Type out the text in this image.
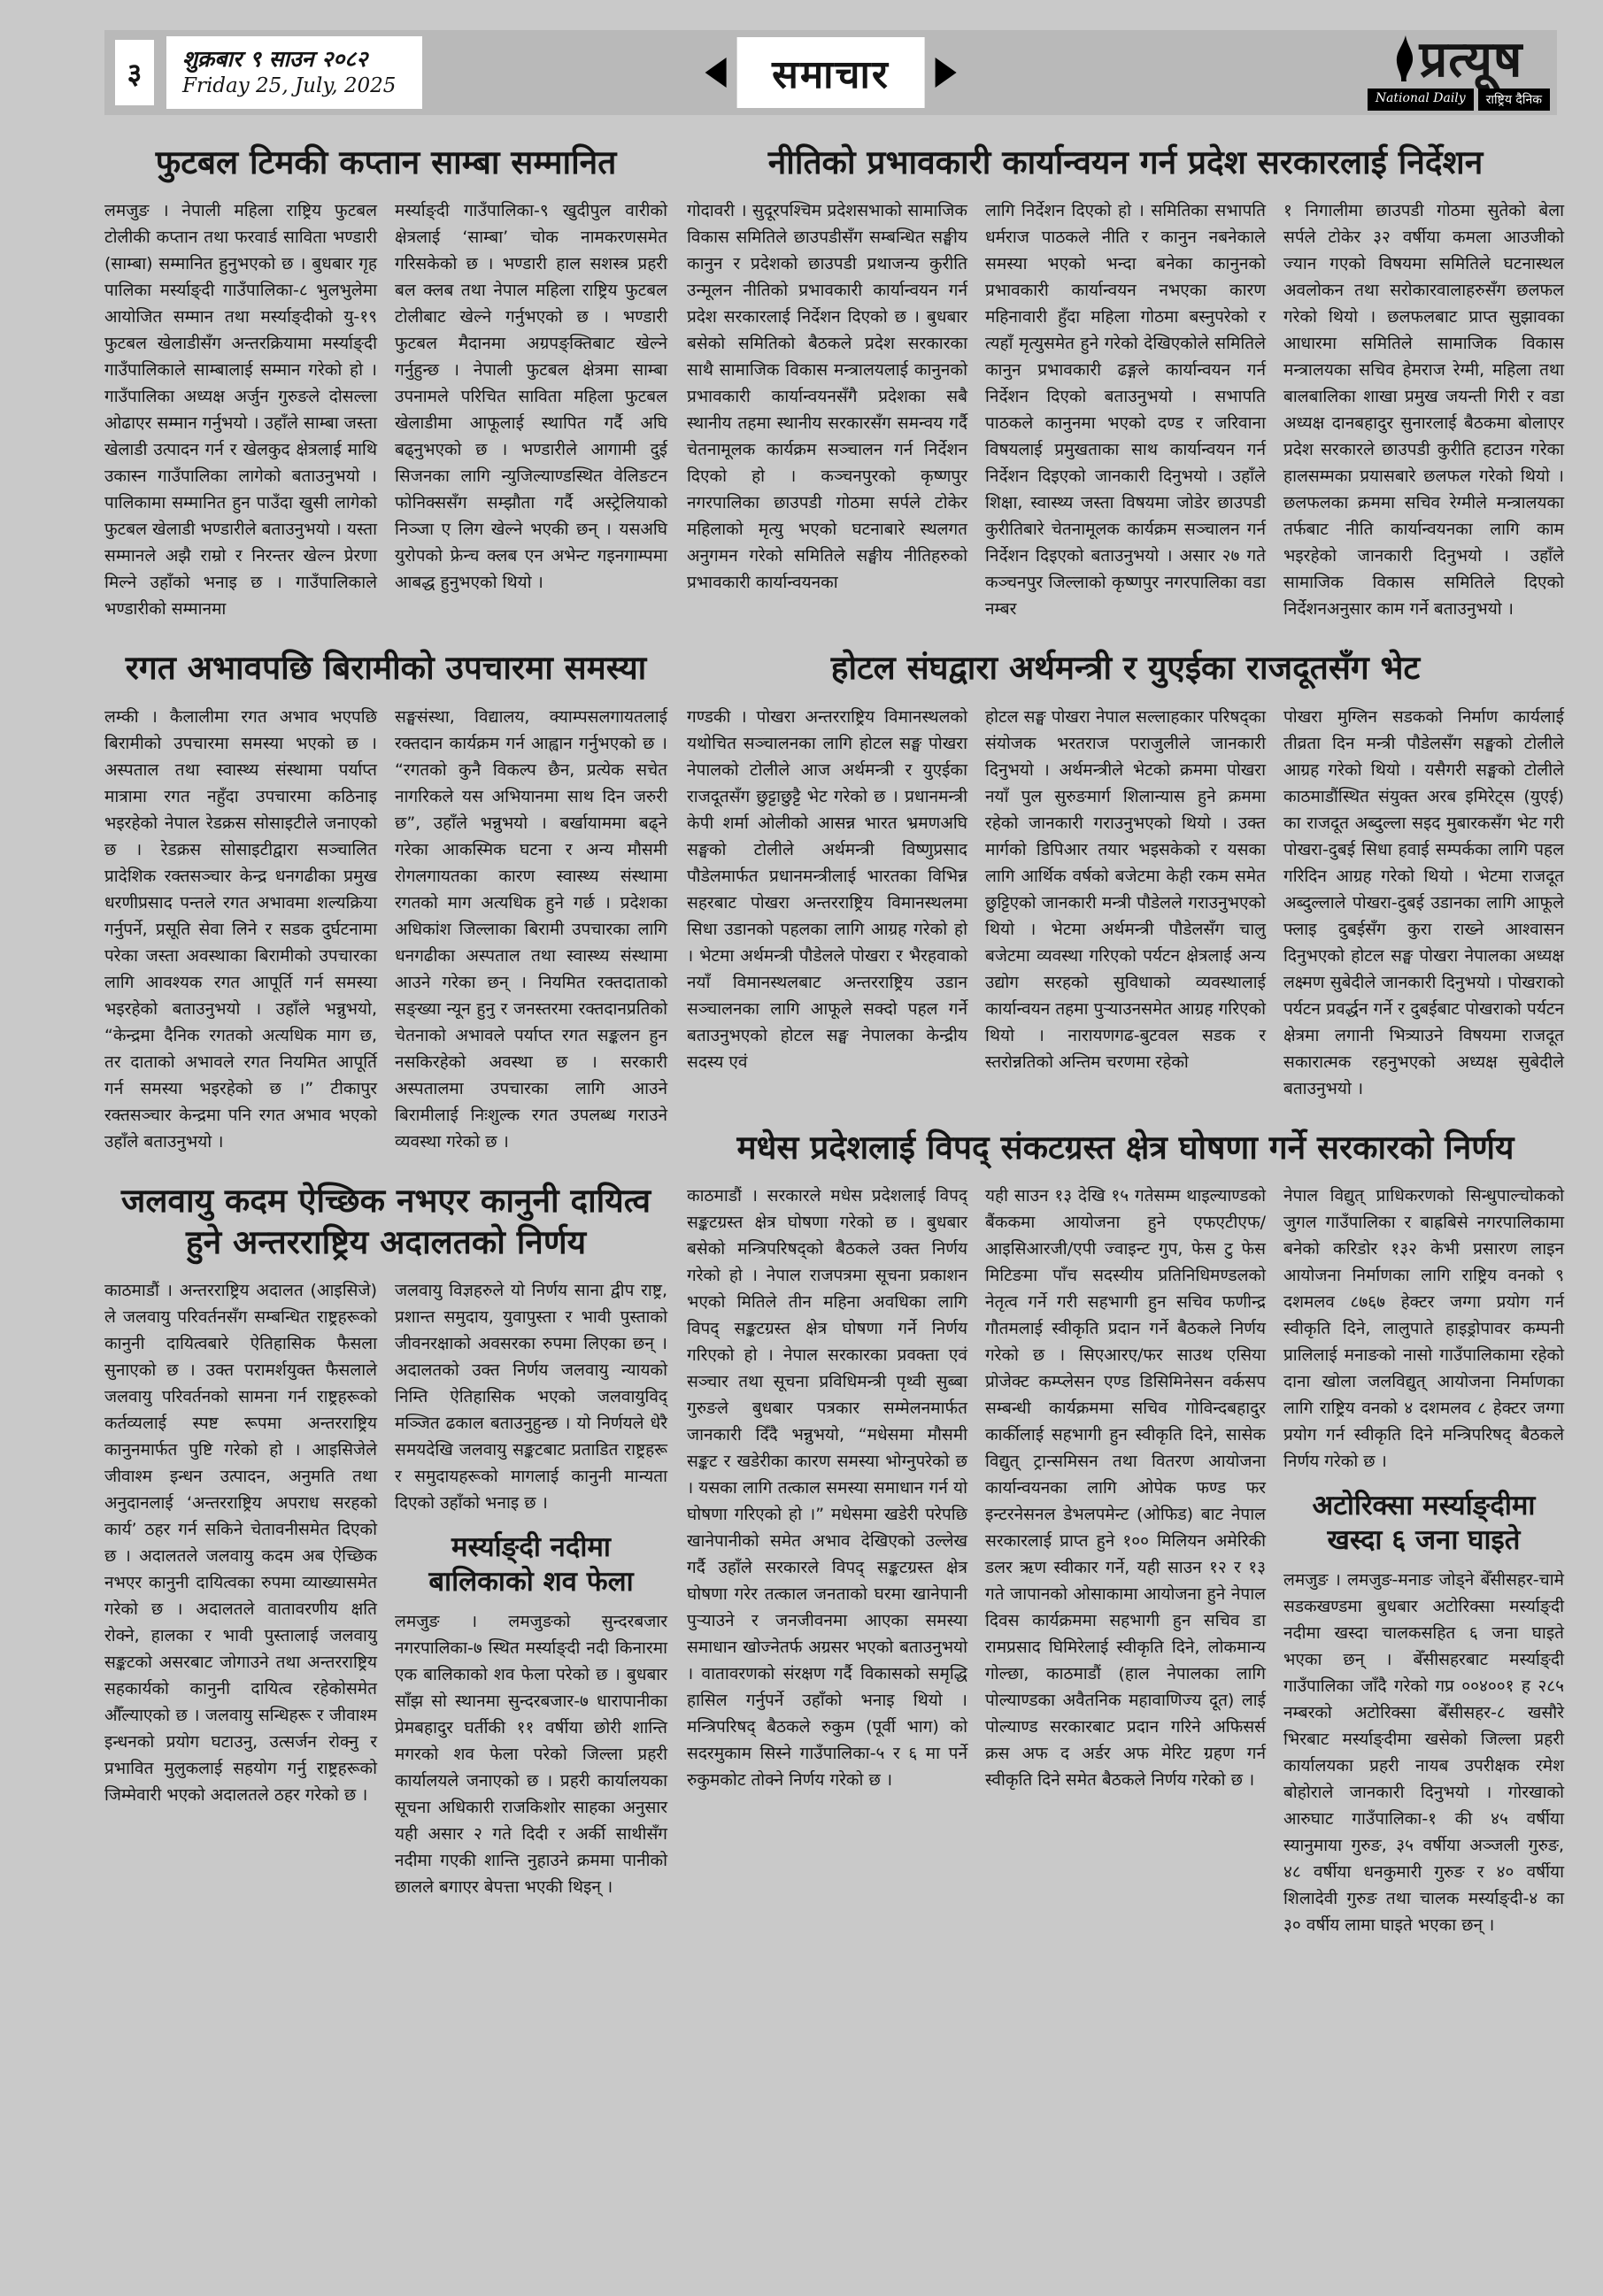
३ शुक्रबार ९ साउन २०८२
Friday 25, July, 2025	समाचार	प्रत्यूष
National Daily	राष्ट्रिय दैनिक
फुटबल टिमकी कप्तान साम्बा सम्मानित
लमजुङ । नेपाली महिला राष्ट्रिय फुटबल टोलीकी कप्तान तथा फरवार्ड साविता भण्डारी (साम्बा) सम्मानित हुनुभएको छ । बुधबार गृह पालिका मर्स्याङ्दी गाउँपालिका-८ भुलभुलेमा आयोजित सम्मान तथा मर्स्याङ्दीको यु-१९ फुटबल खेलाडीसँग अन्तरक्रियामा मर्स्याङ्दी गाउँपालिकाले साम्बालाई सम्मान गरेको हो । गाउँपालिका अध्यक्ष अर्जुन गुरुङले दोसल्ला ओढाएर सम्मान गर्नुभयो । उहाँले साम्बा जस्ता खेलाडी उत्पादन गर्न र खेलकुद क्षेत्रलाई माथि उकास्न गाउँपालिका लागेको बताउनुभयो । पालिकामा सम्मानित हुन पाउँदा खुसी लागेको फुटबल खेलाडी भण्डारीले बताउनुभयो । यस्ता सम्मानले अझै राम्रो र निरन्तर खेल्न प्रेरणा मिल्ने उहाँको भनाइ छ । गाउँपालिकाले भण्डारीको सम्मानमा
मर्स्याङ्दी गाउँपालिका-९ खुदीपुल वारीको क्षेत्रलाई ‘साम्बा’ चोक नामकरणसमेत गरिसकेको छ । भण्डारी हाल सशस्त्र प्रहरी बल क्लब तथा नेपाल महिला राष्ट्रिय फुटबल टोलीबाट खेल्ने गर्नुभएको छ । भण्डारी फुटबल मैदानमा अग्रपङ्क्तिबाट खेल्ने गर्नुहुन्छ । नेपाली फुटबल क्षेत्रमा साम्बा उपनामले परिचित साविता महिला फुटबल खेलाडीमा आफूलाई स्थापित गर्दै अघि बढ्नुभएको छ । भण्डारीले आगामी दुई सिजनका लागि न्युजिल्याण्डस्थित वेलिङटन फोनिक्ससँग सम्झौता गर्दै अस्ट्रेलियाको निञ्जा ए लिग खेल्ने भएकी छन् । यसअघि युरोपको फ्रेन्च क्लब एन अभेन्ट गइनगाम्पमा आबद्ध हुनुभएको थियो ।
रगत अभावपछि बिरामीको उपचारमा समस्या
लम्की । कैलालीमा रगत अभाव भएपछि बिरामीको उपचारमा समस्या भएको छ । अस्पताल तथा स्वास्थ्य संस्थामा पर्याप्त मात्रामा रगत नहुँदा उपचारमा कठिनाइ भइरहेको नेपाल रेडक्रस सोसाइटीले जनाएको छ । रेडक्रस सोसाइटीद्वारा सञ्चालित प्रादेशिक रक्तसञ्चार केन्द्र धनगढीका प्रमुख धरणीप्रसाद पन्तले रगत अभावमा शल्यक्रिया गर्नुपर्ने, प्रसूति सेवा लिने र सडक दुर्घटनामा परेका जस्ता अवस्थाका बिरामीको उपचारका लागि आवश्यक रगत आपूर्ति गर्न समस्या भइरहेको बताउनुभयो । उहाँले भन्नुभयो, “केन्द्रमा दैनिक रगतको अत्यधिक माग छ, तर दाताको अभावले रगत नियमित आपूर्ति गर्न समस्या भइरहेको छ ।” टीकापुर रक्तसञ्चार केन्द्रमा पनि रगत अभाव भएको उहाँले बताउनुभयो ।
सङ्घसंस्था, विद्यालय, क्याम्पसलगायतलाई रक्तदान कार्यक्रम गर्न आह्वान गर्नुभएको छ । “रगतको कुनै विकल्प छैन, प्रत्येक सचेत नागरिकले यस अभियानमा साथ दिन जरुरी छ”, उहाँले भन्नुभयो । बर्खायाममा बढ्ने गरेका आकस्मिक घटना र अन्य मौसमी रोगलगायतका कारण स्वास्थ्य संस्थामा रगतको माग अत्यधिक हुने गर्छ । प्रदेशका अधिकांश जिल्लाका बिरामी उपचारका लागि धनगढीका अस्पताल तथा स्वास्थ्य संस्थामा आउने गरेका छन् । नियमित रक्तदाताको सङ्ख्या न्यून हुनु र जनस्तरमा रक्तदानप्रतिको चेतनाको अभावले पर्याप्त रगत सङ्कलन हुन नसकिरहेको अवस्था छ । सरकारी अस्पतालमा उपचारका लागि आउने बिरामीलाई निःशुल्क रगत उपलब्ध गराउने व्यवस्था गरेको छ ।
जलवायु कदम ऐच्छिक नभएर कानुनी दायित्व हुने अन्तरराष्ट्रिय अदालतको निर्णय
काठमाडौं । अन्तरराष्ट्रिय अदालत (आइसिजे) ले जलवायु परिवर्तनसँग सम्बन्धित राष्ट्रहरूको कानुनी दायित्वबारे ऐतिहासिक फैसला सुनाएको छ । उक्त परामर्शयुक्त फैसलाले जलवायु परिवर्तनको सामना गर्न राष्ट्रहरूको कर्तव्यलाई स्पष्ट रूपमा अन्तरराष्ट्रिय कानुनमार्फत पुष्टि गरेको हो । आइसिजेले जीवाश्म इन्धन उत्पादन, अनुमति तथा अनुदानलाई ‘अन्तरराष्ट्रिय अपराध सरहको कार्य’ ठहर गर्न सकिने चेतावनीसमेत दिएको छ । अदालतले जलवायु कदम अब ऐच्छिक नभएर कानुनी दायित्वका रुपमा व्याख्यासमेत गरेको छ । अदालतले वातावरणीय क्षति रोक्ने, हालका र भावी पुस्तालाई जलवायु सङ्कटको असरबाट जोगाउने तथा अन्तरराष्ट्रिय सहकार्यको कानुनी दायित्व रहेकोसमेत औँल्याएको छ । जलवायु सन्धिहरू र जीवाश्म इन्धनको प्रयोग घटाउनु, उत्सर्जन रोक्नु र प्रभावित मुलुकलाई सहयोग गर्नु राष्ट्रहरूको जिम्मेवारी भएको अदालतले ठहर गरेको छ ।
जलवायु विज्ञहरुले यो निर्णय साना द्वीप राष्ट्र, प्रशान्त समुदाय, युवापुस्ता र भावी पुस्ताको जीवनरक्षाको अवसरका रुपमा लिएका छन् । अदालतको उक्त निर्णय जलवायु न्यायको निम्ति ऐतिहासिक भएको जलवायुविद् मञ्जित ढकाल बताउनुहुन्छ । यो निर्णयले धेरै समयदेखि जलवायु सङ्कटबाट प्रताडित राष्ट्रहरू र समुदायहरूको मागलाई कानुनी मान्यता दिएको उहाँको भनाइ छ ।
मर्स्याङ्दी नदीमा बालिकाको शव फेला
लमजुङ । लमजुङको सुन्दरबजार नगरपालिका-७ स्थित मर्स्याङ्दी नदी किनारमा एक बालिकाको शव फेला परेको छ । बुधबार साँझ सो स्थानमा सुन्दरबजार-७ धारापानीका प्रेमबहादुर घर्तीकी ११ वर्षीया छोरी शान्ति मगरको शव फेला परेको जिल्ला प्रहरी कार्यालयले जनाएको छ । प्रहरी कार्यालयका सूचना अधिकारी राजकिशोर साहका अनुसार यही असार २ गते दिदी र अर्की साथीसँग नदीमा गएकी शान्ति नुहाउने क्रममा पानीको छालले बगाएर बेपत्ता भएकी थिइन् ।
नीतिको प्रभावकारी कार्यान्वयन गर्न प्रदेश सरकारलाई निर्देशन
गोदावरी । सुदूरपश्चिम प्रदेशसभाको सामाजिक विकास समितिले छाउपडीसँग सम्बन्धित सङ्घीय कानुन र प्रदेशको छाउपडी प्रथाजन्य कुरीति उन्मूलन नीतिको प्रभावकारी कार्यान्वयन गर्न प्रदेश सरकारलाई निर्देशन दिएको छ । बुधबार बसेको समितिको बैठकले प्रदेश सरकारका साथै सामाजिक विकास मन्त्रालयलाई कानुनको प्रभावकारी कार्यान्वयनसँगै प्रदेशका सबै स्थानीय तहमा स्थानीय सरकारसँग समन्वय गर्दै चेतनामूलक कार्यक्रम सञ्चालन गर्न निर्देशन दिएको हो । कञ्चनपुरको कृष्णपुर नगरपालिका छाउपडी गोठमा सर्पले टोकेर महिलाको मृत्यु भएको घटनाबारे स्थलगत अनुगमन गरेको समितिले सङ्घीय नीतिहरुको प्रभावकारी कार्यान्वयनका
लागि निर्देशन दिएको हो । समितिका सभापति धर्मराज पाठकले नीति र कानुन नबनेकाले समस्या भएको भन्दा बनेका कानुनको प्रभावकारी कार्यान्वयन नभएका कारण महिनावारी हुँदा महिला गोठमा बस्नुपरेको र त्यहाँ मृत्युसमेत हुने गरेको देखिएकोले समितिले कानुन प्रभावकारी ढङ्गले कार्यान्वयन गर्न निर्देशन दिएको बताउनुभयो । सभापति पाठकले कानुनमा भएको दण्ड र जरिवाना विषयलाई प्रमुखताका साथ कार्यान्वयन गर्न निर्देशन दिइएको जानकारी दिनुभयो । उहाँले शिक्षा, स्वास्थ्य जस्ता विषयमा जोडेर छाउपडी कुरीतिबारे चेतनामूलक कार्यक्रम सञ्चालन गर्न निर्देशन दिइएको बताउनुभयो । असार २७ गते कञ्चनपुर जिल्लाको कृष्णपुर नगरपालिका वडा नम्बर
१ निगालीमा छाउपडी गोठमा सुतेको बेला सर्पले टोकेर ३२ वर्षीया कमला आउजीको ज्यान गएको विषयमा समितिले घटनास्थल अवलोकन तथा सरोकारवालाहरुसँग छलफल गरेको थियो । छलफलबाट प्राप्त सुझावका आधारमा समितिले सामाजिक विकास मन्त्रालयका सचिव हेमराज रेग्मी, महिला तथा बालबालिका शाखा प्रमुख जयन्ती गिरी र वडा अध्यक्ष दानबहादुर सुनारलाई बैठकमा बोलाएर प्रदेश सरकारले छाउपडी कुरीति हटाउन गरेका हालसम्मका प्रयासबारे छलफल गरेको थियो । छलफलका क्रममा सचिव रेग्मीले मन्त्रालयका तर्फबाट नीति कार्यान्वयनका लागि काम भइरहेको जानकारी दिनुभयो । उहाँले सामाजिक विकास समितिले दिएको निर्देशनअनुसार काम गर्ने बताउनुभयो ।
होटल संघद्वारा अर्थमन्त्री र युएईका राजदूतसँग भेट
गण्डकी । पोखरा अन्तरराष्ट्रिय विमानस्थलको यथोचित सञ्चालनका लागि होटल सङ्घ पोखरा नेपालको टोलीले आज अर्थमन्त्री र युएईका राजदूतसँग छुट्टाछुट्टै भेट गरेको छ । प्रधानमन्त्री केपी शर्मा ओलीको आसन्न भारत भ्रमणअघि सङ्घको टोलीले अर्थमन्त्री विष्णुप्रसाद पौडेलमार्फत प्रधानमन्त्रीलाई भारतका विभिन्न सहरबाट पोखरा अन्तरराष्ट्रिय विमानस्थलमा सिधा उडानको पहलका लागि आग्रह गरेको हो । भेटमा अर्थमन्त्री पौडेलले पोखरा र भैरहवाको नयाँ विमानस्थलबाट अन्तरराष्ट्रिय उडान सञ्चालनका लागि आफूले सक्दो पहल गर्ने बताउनुभएको होटल सङ्घ नेपालका केन्द्रीय सदस्य एवं
होटल सङ्घ पोखरा नेपाल सल्लाहकार परिषद्का संयोजक भरतराज पराजुलीले जानकारी दिनुभयो । अर्थमन्त्रीले भेटको क्रममा पोखरा नयाँ पुल सुरुङमार्ग शिलान्यास हुने क्रममा रहेको जानकारी गराउनुभएको थियो । उक्त मार्गको डिपिआर तयार भइसकेको र यसका लागि आर्थिक वर्षको बजेटमा केही रकम समेत छुट्टिएको जानकारी मन्त्री पौडेलले गराउनुभएको थियो । भेटमा अर्थमन्त्री पौडेलसँग चालु बजेटमा व्यवस्था गरिएको पर्यटन क्षेत्रलाई अन्य उद्योग सरहको सुविधाको व्यवस्थालाई कार्यान्वयन तहमा पुऱ्याउनसमेत आग्रह गरिएको थियो । नारायणगढ-बुटवल सडक र स्तरोन्नतिको अन्तिम चरणमा रहेको
पोखरा मुग्लिन सडकको निर्माण कार्यलाई तीव्रता दिन मन्त्री पौडेलसँग सङ्घको टोलीले आग्रह गरेको थियो । यसैगरी सङ्घको टोलीले काठमाडौंस्थित संयुक्त अरब इमिरेट्स (युएई) का राजदूत अब्दुल्ला सइद मुबारकसँग भेट गरी पोखरा-दुबई सिधा हवाई सम्पर्कका लागि पहल गरिदिन आग्रह गरेको थियो । भेटमा राजदूत अब्दुल्लाले पोखरा-दुबई उडानका लागि आफूले फ्लाइ दुबईसँग कुरा राख्ने आश्वासन दिनुभएको होटल सङ्घ पोखरा नेपालका अध्यक्ष लक्ष्मण सुबेदीले जानकारी दिनुभयो । पोखराको पर्यटन प्रवर्द्धन गर्ने र दुबईबाट पोखराको पर्यटन क्षेत्रमा लगानी भित्र्याउने विषयमा राजदूत सकारात्मक रहनुभएको अध्यक्ष सुबेदीले बताउनुभयो ।
मधेस प्रदेशलाई विपद् संकटग्रस्त क्षेत्र घोषणा गर्ने सरकारको निर्णय
काठमाडौं । सरकारले मधेस प्रदेशलाई विपद् सङ्कटग्रस्त क्षेत्र घोषणा गरेको छ । बुधबार बसेको मन्त्रिपरिषद्को बैठकले उक्त निर्णय गरेको हो । नेपाल राजपत्रमा सूचना प्रकाशन भएको मितिले तीन महिना अवधिका लागि विपद् सङ्कटग्रस्त क्षेत्र घोषणा गर्ने निर्णय गरिएको हो । नेपाल सरकारका प्रवक्ता एवं सञ्चार तथा सूचना प्रविधिमन्त्री पृथ्वी सुब्बा गुरुङले बुधबार पत्रकार सम्मेलनमार्फत जानकारी दिँदै भन्नुभयो, “मधेसमा मौसमी सङ्कट र खडेरीका कारण समस्या भोग्नुपरेको छ । यसका लागि तत्काल समस्या समाधान गर्न यो घोषणा गरिएको हो ।” मधेसमा खडेरी परेपछि खानेपानीको समेत अभाव देखिएको उल्लेख गर्दै उहाँले सरकारले विपद् सङ्कटग्रस्त क्षेत्र घोषणा गरेर तत्काल जनताको घरमा खानेपानी पुऱ्याउने र जनजीवनमा आएका समस्या समाधान खोज्नेतर्फ अग्रसर भएको बताउनुभयो । वातावरणको संरक्षण गर्दै विकासको समृद्धि हासिल गर्नुपर्ने उहाँको भनाइ थियो । मन्त्रिपरिषद् बैठकले रुकुम (पूर्वी भाग) को सदरमुकाम सिस्ने गाउँपालिका-५ र ६ मा पर्ने रुकुमकोट तोक्ने निर्णय गरेको छ ।
यही साउन १३ देखि १५ गतेसम्म थाइल्याण्डको बैंककमा आयोजना हुने एफएटीएफ/आइसिआरजी/एपी ज्वाइन्ट गुप, फेस टु फेस मिटिङमा पाँच सदस्यीय प्रतिनिधिमण्डलको नेतृत्व गर्ने गरी सहभागी हुन सचिव फणीन्द्र गौतमलाई स्वीकृति प्रदान गर्ने बैठकले निर्णय गरेको छ । सिएआरए/फर साउथ एसिया प्रोजेक्ट कम्प्लेसन एण्ड डिसिमिनेसन वर्कसप सम्बन्धी कार्यक्रममा सचिव गोविन्दबहादुर कार्कीलाई सहभागी हुन स्वीकृति दिने, सासेक विद्युत् ट्रान्समिसन तथा वितरण आयोजना कार्यान्वयनका लागि ओपेक फण्ड फर इन्टरनेसनल डेभलपमेन्ट (ओफिड) बाट नेपाल सरकारलाई प्राप्त हुने १०० मिलियन अमेरिकी डलर ऋण स्वीकार गर्ने, यही साउन १२ र १३ गते जापानको ओसाकामा आयोजना हुने नेपाल दिवस कार्यक्रममा सहभागी हुन सचिव डा रामप्रसाद घिमिरेलाई स्वीकृति दिने, लोकमान्य गोल्छा, काठमाडौं (हाल नेपालका लागि पोल्याण्डका अवैतनिक महावाणिज्य दूत) लाई पोल्याण्ड सरकारबाट प्रदान गरिने अफिसर्स क्रस अफ द अर्डर अफ मेरिट ग्रहण गर्न स्वीकृति दिने समेत बैठकले निर्णय गरेको छ ।
नेपाल विद्युत् प्राधिकरणको सिन्धुपाल्चोकको जुगल गाउँपालिका र बाह्रबिसे नगरपालिकामा बनेको करिडोर १३२ केभी प्रसारण लाइन आयोजना निर्माणका लागि राष्ट्रिय वनको ९ दशमलव ८७६७ हेक्टर जग्गा प्रयोग गर्न स्वीकृति दिने, लालुपाते हाइड्रोपावर कम्पनी प्रालिलाई मनाङको नासो गाउँपालिकामा रहेको दाना खोला जलविद्युत् आयोजना निर्माणका लागि राष्ट्रिय वनको ४ दशमलव ८ हेक्टर जग्गा प्रयोग गर्न स्वीकृति दिने मन्त्रिपरिषद् बैठकले निर्णय गरेको छ ।
अटोरिक्सा मर्स्याङ्दीमा खस्दा ६ जना घाइते
लमजुङ । लमजुङ-मनाङ जोड्ने बेँसीसहर-चामे सडकखण्डमा बुधबार अटोरिक्सा मर्स्याङ्दी नदीमा खस्दा चालकसहित ६ जना घाइते भएका छन् । बेँसीसहरबाट मर्स्याङ्दी गाउँपालिका जाँदै गरेको गप्र ००४००१ ह २८५ नम्बरको अटोरिक्सा बेँसीसहर-८ खसौरे भिरबाट मर्स्याङ्दीमा खसेको जिल्ला प्रहरी कार्यालयका प्रहरी नायब उपरीक्षक रमेश बोहोराले जानकारी दिनुभयो । गोरखाको आरुघाट गाउँपालिका-१ की ४५ वर्षीया स्यानुमाया गुरुङ, ३५ वर्षीया अञ्जली गुरुङ, ४८ वर्षीया धनकुमारी गुरुङ र ४० वर्षीया शिलादेवी गुरुङ तथा चालक मर्स्याङ्दी-४ का ३० वर्षीय लामा घाइते भएका छन् ।
